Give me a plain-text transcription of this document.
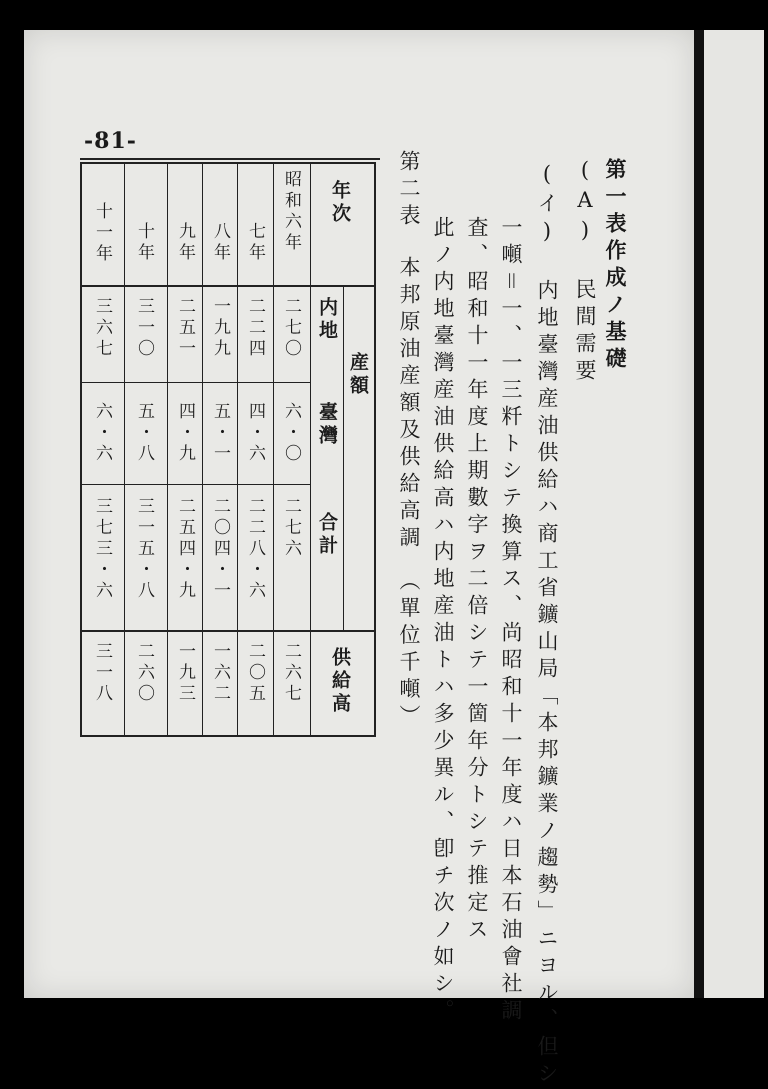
-81-
第一表作成ノ基礎
(A) 民間需要
(イ) 内地臺灣産油供給ハ商工省鑛山局「本邦鑛業ノ趨勢」ニヨル、但シ
一噸＝一、一三粁トシテ換算ス、尚昭和十一年度ハ日本石油會社調
査、昭和十一年度上期數字ヲ二倍シテ一箇年分トシテ推定ス
此ノ内地臺灣産油供給高ハ内地産油トハ多少異ル、卽チ次ノ如シ。
第二表
本邦原油産額及供給高調　（單位千噸）
年次
産額
内地
臺灣
合計
供給高
昭和六年
二七〇
六・〇
二七六
二六七
七年
二二四
四・六
二二八・六
二〇五
八年
一九九
五・一
二〇四・一
一六二
九年
二五一
四・九
二五四・九
一九三
十年
三一〇
五・八
三一五・八
二六〇
十一年
三六七
六・六
三七三・六
三一八
